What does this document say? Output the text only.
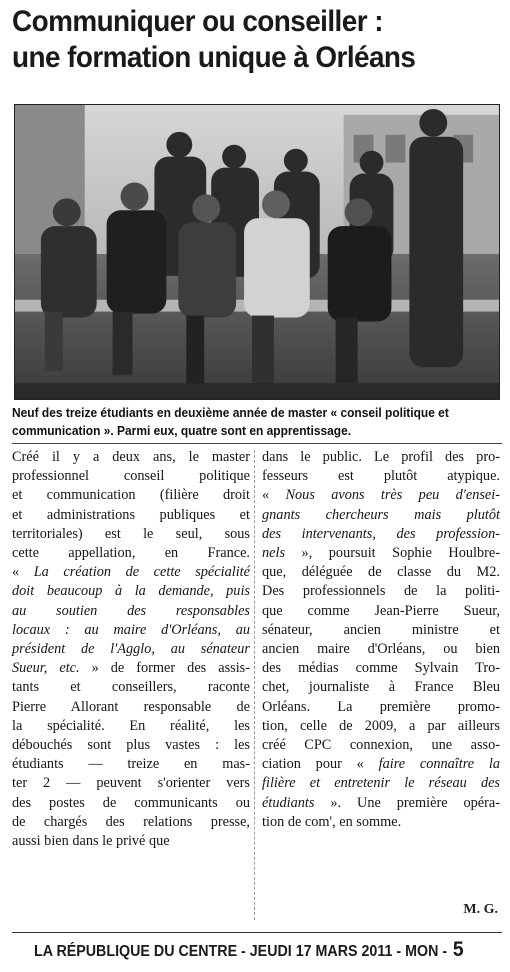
Communiquer ou conseiller :
une formation unique à Orléans
Neuf des treize étudiants en deuxième année de master « conseil politique et communication ». Parmi eux, quatre sont en apprentissage.
Créé il y a deux ans, le master
professionnel conseil politique
et communication (filière droit
et administrations publiques et
territoriales) est le seul, sous
cette appellation, en France.
« La création de cette spécialité
doit beaucoup à la demande, puis
au soutien des responsables
locaux : au maire d'Orléans, au
président de l'Agglo, au sénateur
Sueur, etc. » de former des assis-
tants et conseillers, raconte
Pierre Allorant responsable de
la spécialité. En réalité, les
débouchés sont plus vastes : les
étudiants — treize en mas-
ter 2 — peuvent s'orienter vers
des postes de communicants ou
de chargés des relations presse,
aussi bien dans le privé que
dans le public. Le profil des pro-
fesseurs est plutôt atypique.
« Nous avons très peu d'ensei-
gnants chercheurs mais plutôt
des intervenants, des profession-
nels », poursuit Sophie Houlbre-
que, déléguée de classe du M2.
Des professionnels de la politi-
que comme Jean-Pierre Sueur,
sénateur, ancien ministre et
ancien maire d'Orléans, ou bien
des médias comme Sylvain Tro-
chet, journaliste à France Bleu
Orléans. La première promo-
tion, celle de 2009, a par ailleurs
créé CPC connexion, une asso-
ciation pour « faire connaître la
filière et entretenir le réseau des
étudiants ». Une première opéra-
tion de com', en somme.
M. G.
LA RÉPUBLIQUE DU CENTRE - JEUDI 17 MARS 2011 - MON - 5
